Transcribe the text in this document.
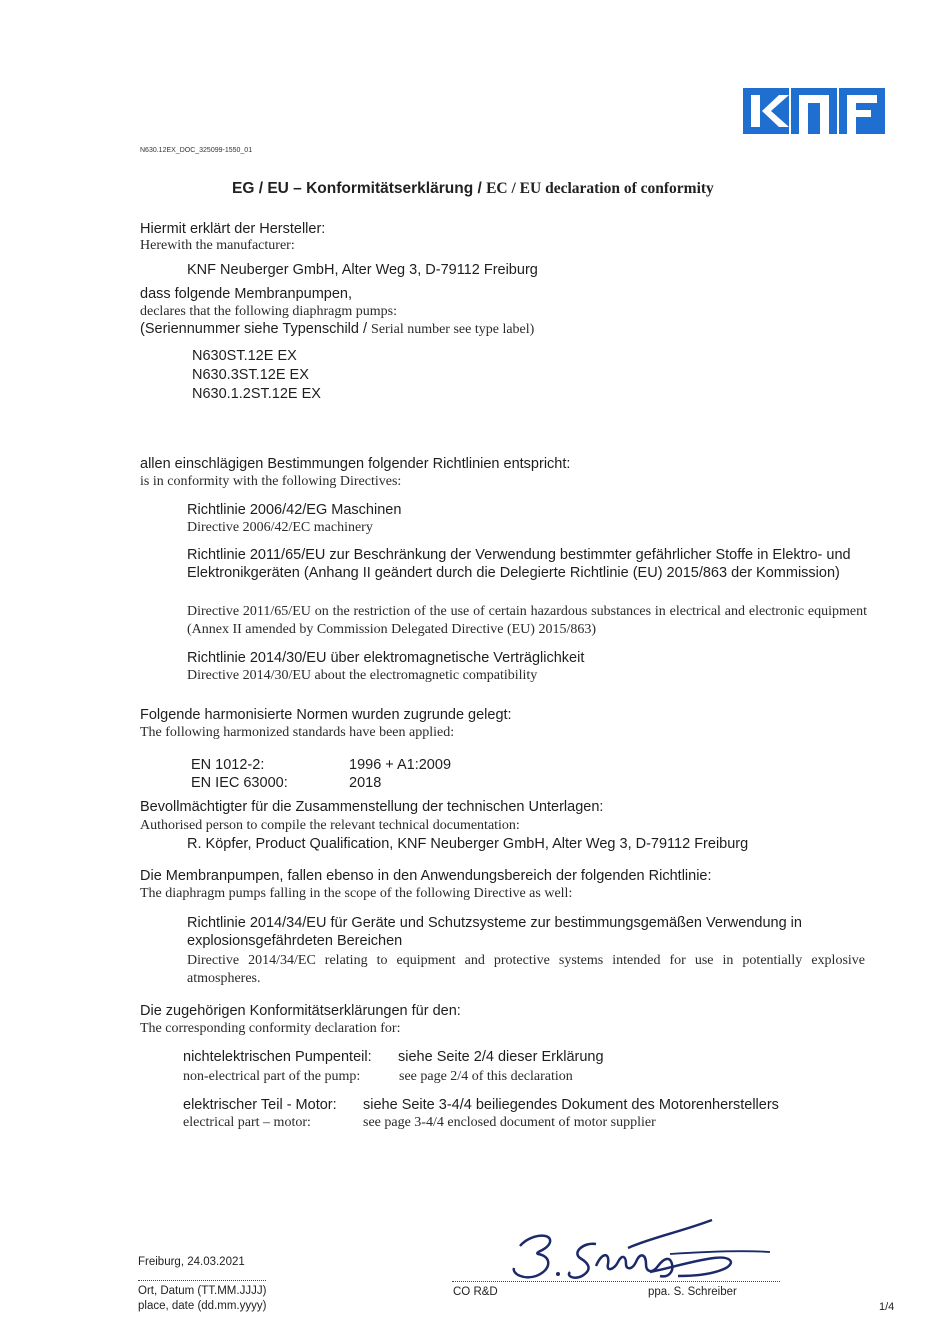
N630.12EX_DOC_325099-1550_01
EG / EU – Konformitätserklärung / EC / EU declaration of conformity
Hiermit erklärt der Hersteller:
Herewith the manufacturer:
KNF Neuberger GmbH, Alter Weg 3, D-79112 Freiburg
dass folgende Membranpumpen,
declares that the following diaphragm pumps:
(Seriennummer siehe Typenschild / Serial number see type label)
N630ST.12E EX
N630.3ST.12E EX
N630.1.2ST.12E EX
allen einschlägigen Bestimmungen folgender Richtlinien entspricht:
is in conformity with the following Directives:
Richtlinie 2006/42/EG Maschinen
Directive 2006/42/EC machinery
Richtlinie 2011/65/EU zur Beschränkung der Verwendung bestimmter gefährlicher Stoffe in Elektro- und Elektronikgeräten (Anhang II geändert durch die Delegierte Richtlinie (EU) 2015/863 der Kommission)
Directive 2011/65/EU on the restriction of the use of certain hazardous substances in electrical and electronic equipment (Annex II amended by Commission Delegated Directive (EU) 2015/863)
Richtlinie 2014/30/EU über elektromagnetische Verträglichkeit
Directive 2014/30/EU about the electromagnetic compatibility
Folgende harmonisierte Normen wurden zugrunde gelegt:
The following harmonized standards have been applied:
EN 1012-2:	1996 + A1:2009
EN IEC 63000:	2018
Bevollmächtigter für die Zusammenstellung der technischen Unterlagen:
Authorised person to compile the relevant technical documentation:
R. Köpfer, Product Qualification, KNF Neuberger GmbH, Alter Weg 3, D-79112 Freiburg
Die Membranpumpen, fallen ebenso in den Anwendungsbereich der folgenden Richtlinie:
The diaphragm pumps falling in the scope of the following Directive as well:
Richtlinie 2014/34/EU für Geräte und Schutzsysteme zur bestimmungsgemäßen Verwendung in explosionsgefährdeten Bereichen
Directive 2014/34/EC relating to equipment and protective systems intended for use in potentially explosive atmospheres.
Die zugehörigen Konformitätserklärungen für den:
The corresponding conformity declaration for:
nichtelektrischen Pumpenteil: siehe Seite 2/4 dieser Erklärung
non-electrical part of the pump:	see page 2/4 of this declaration
elektrischer Teil - Motor: siehe Seite 3-4/4 beiliegendes Dokument des Motorenherstellers
electrical part – motor:	see page 3-4/4 enclosed document of motor supplier
Freiburg, 24.03.2021
Ort, Datum (TT.MM.JJJJ)
place, date (dd.mm.yyyy)
CO R&D	ppa. S. Schreiber
1/4
